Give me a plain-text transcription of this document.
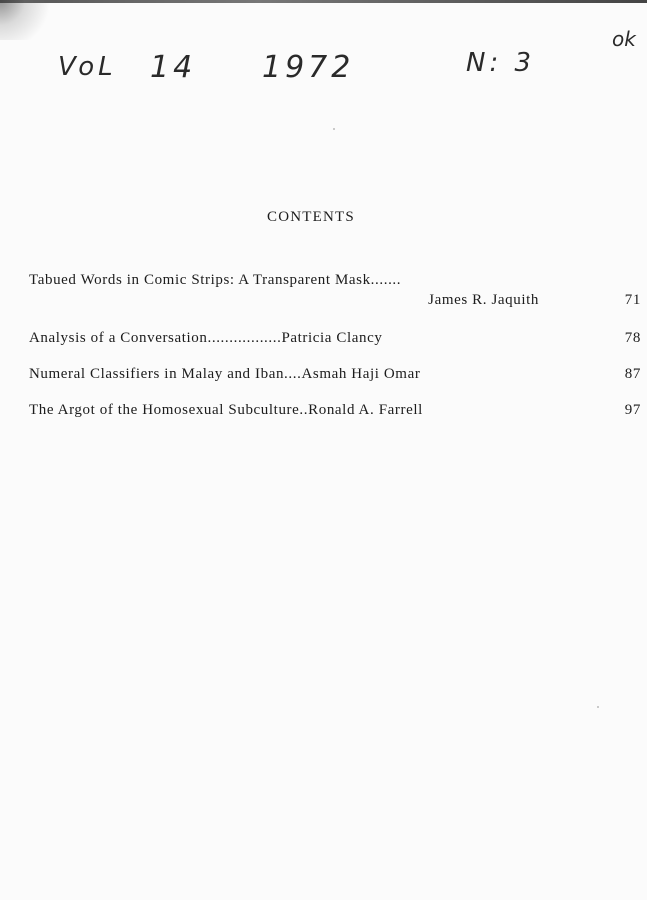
VoL 14 1972	N: 3
ok
CONTENTS
Tabued Words in Comic Strips: A Transparent Mask.......
James R. Jaquith	71
Analysis of a Conversation.................Patricia Clancy	78
Numeral Classifiers in Malay and Iban....Asmah Haji Omar	87
The Argot of the Homosexual Subculture..Ronald A. Farrell	97
